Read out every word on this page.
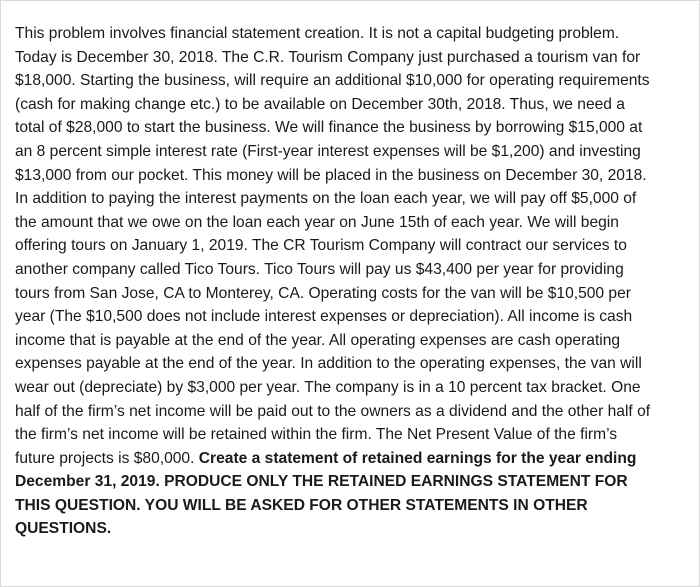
This problem involves financial statement creation. It is not a capital budgeting problem.
Today is December 30, 2018. The C.R. Tourism Company just purchased a tourism van for
$18,000. Starting the business, will require an additional $10,000 for operating requirements
(cash for making change etc.) to be available on December 30th, 2018. Thus, we need a
total of $28,000 to start the business. We will finance the business by borrowing $15,000 at
an 8 percent simple interest rate (First-year interest expenses will be $1,200) and investing
$13,000 from our pocket. This money will be placed in the business on December 30, 2018.
In addition to paying the interest payments on the loan each year, we will pay off $5,000 of
the amount that we owe on the loan each year on June 15th of each year. We will begin
offering tours on January 1, 2019. The CR Tourism Company will contract our services to
another company called Tico Tours. Tico Tours will pay us $43,400 per year for providing
tours from San Jose, CA to Monterey, CA. Operating costs for the van will be $10,500 per
year (The $10,500 does not include interest expenses or depreciation). All income is cash
income that is payable at the end of the year. All operating expenses are cash operating
expenses payable at the end of the year. In addition to the operating expenses, the van will
wear out (depreciate) by $3,000 per year. The company is in a 10 percent tax bracket. One
half of the firm’s net income will be paid out to the owners as a dividend and the other half of
the firm’s net income will be retained within the firm. The Net Present Value of the firm’s
future projects is $80,000. Create a statement of retained earnings for the year ending
December 31, 2019. PRODUCE ONLY THE RETAINED EARNINGS STATEMENT FOR
THIS QUESTION. YOU WILL BE ASKED FOR OTHER STATEMENTS IN OTHER
QUESTIONS.
